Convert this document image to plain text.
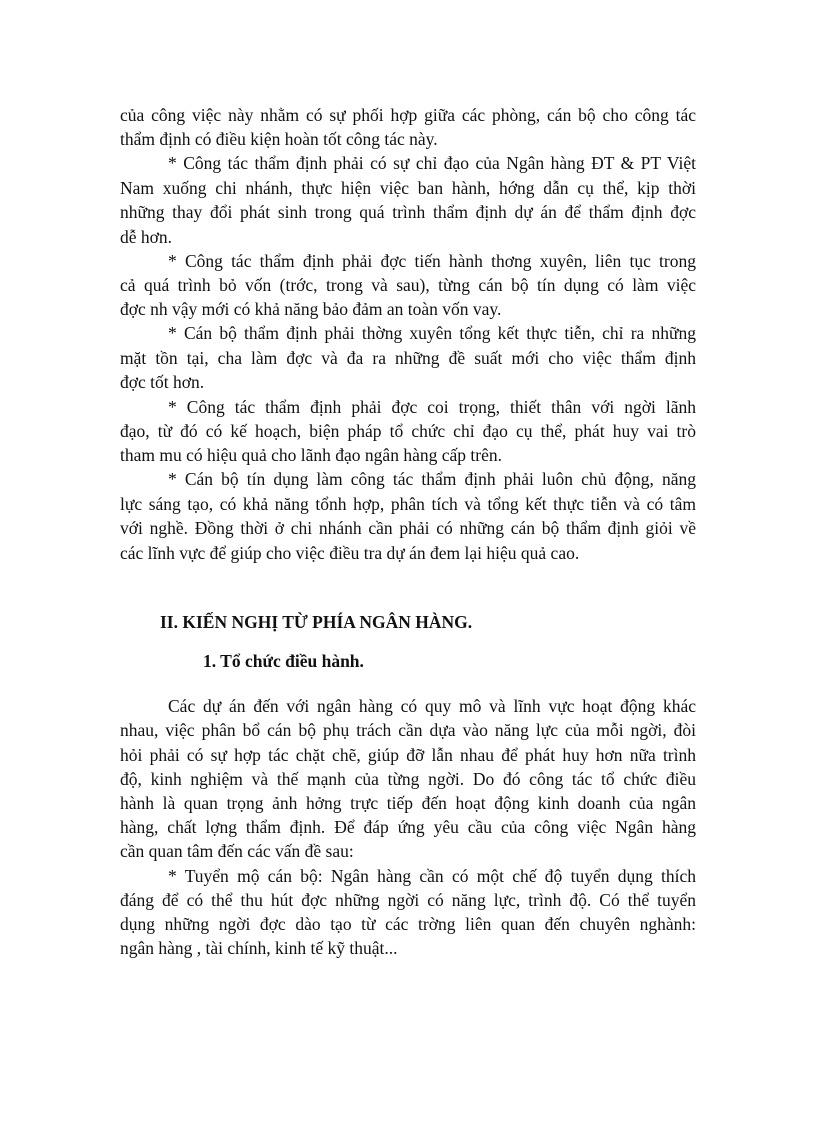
của công việc này nhằm có sự phối hợp giữa các phòng, cán bộ cho công tác
thẩm định có điều kiện hoàn tốt công tác này.
* Công tác thẩm định phải có sự chỉ đạo của Ngân hàng ĐT & PT Việt
Nam xuống chi nhánh, thực hiện việc ban hành, hớng dẫn cụ thể, kịp thời
những thay đổi phát sinh trong quá trình thẩm định dự án để thẩm định đợc
dễ hơn.
* Công tác thẩm định phải đợc tiến hành thơng xuyên, liên tục trong
cả quá trình bỏ vốn (trớc, trong và sau), từng cán bộ tín dụng có làm việc
đợc nh vậy mới có khả năng bảo đảm an toàn vốn vay.
* Cán bộ thẩm định phải thờng xuyên tổng kết thực tiễn, chỉ ra những
mặt tồn tại, cha làm đợc và đa ra những đề suất mới cho việc thẩm định
đợc tốt hơn.
* Công tác thẩm định phải đợc coi trọng, thiết thân với ngời lãnh
đạo, từ đó có kế hoạch, biện pháp tổ chức chỉ đạo cụ thể, phát huy vai trò
tham mu có hiệu quả cho lãnh đạo ngân hàng cấp trên.
* Cán bộ tín dụng làm công tác thẩm định phải luôn chủ động, năng
lực sáng tạo, có khả năng tổnh hợp, phân tích và tổng kết thực tiễn và có tâm
với nghề. Đồng thời ở chi nhánh cần phải có những cán bộ thẩm định giỏi về
các lĩnh vực để giúp cho việc điều tra dự án đem lại hiệu quả cao.
II. KIẾN NGHỊ TỪ PHÍA NGÂN HÀNG.
1. Tổ chức điều hành.
Các dự án đến với ngân hàng có quy mô và lĩnh vực hoạt động khác
nhau, việc phân bổ cán bộ phụ trách cần dựa vào năng lực của mỗi ngời, đòi
hỏi phải có sự hợp tác chặt chẽ, giúp đỡ lẫn nhau để phát huy hơn nữa trình
độ, kinh nghiệm và thế mạnh của từng ngời. Do đó công tác tổ chức điều
hành là quan trọng ảnh hởng trực tiếp đến hoạt động kinh doanh của ngân
hàng, chất lợng thẩm định. Để đáp ứng yêu cầu của công việc Ngân hàng
cần quan tâm đến các vấn đề sau:
* Tuyển mộ cán bộ: Ngân hàng cần có một chế độ tuyển dụng thích
đáng để có thể thu hút đợc những ngời có năng lực, trình độ. Có thể tuyển
dụng những ngời đợc dào tạo từ các trờng liên quan đến chuyên nghành:
ngân hàng , tài chính, kinh tế kỹ thuật...
